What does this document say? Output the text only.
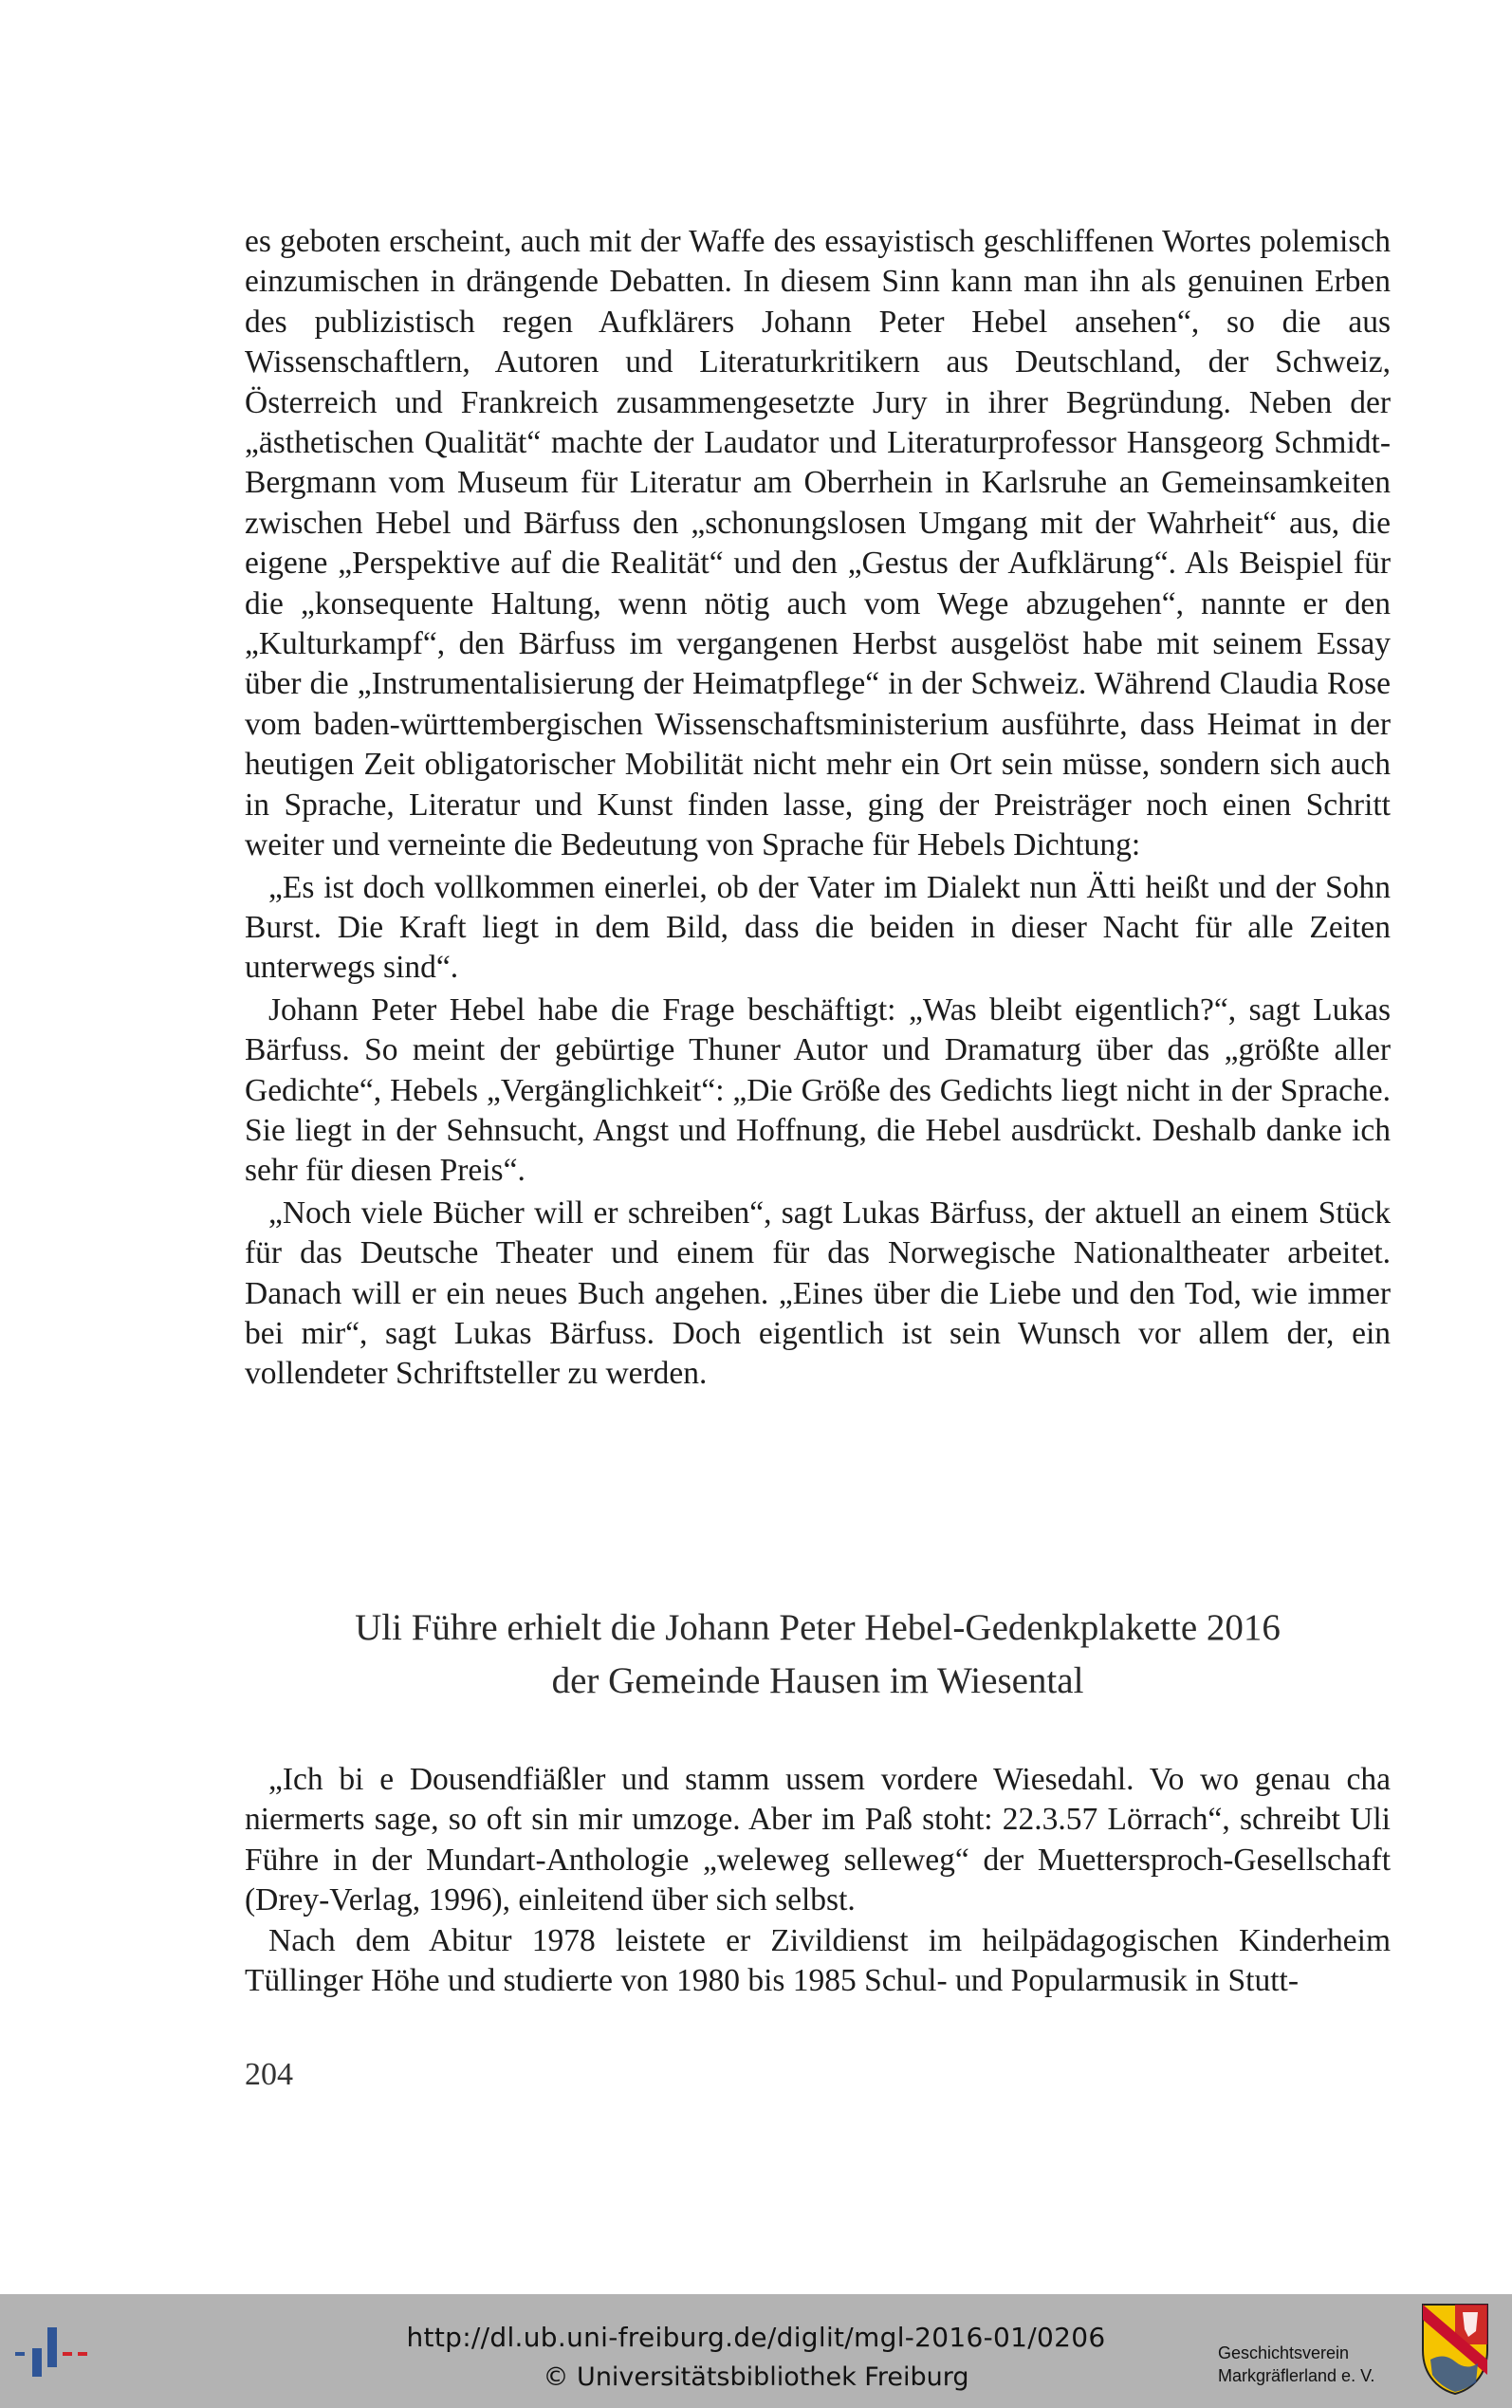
es geboten erscheint, auch mit der Waffe des essayistisch geschliffenen Wortes polemisch einzumischen in drängende Debatten. In diesem Sinn kann man ihn als genuinen Erben des publizistisch regen Aufklärers Johann Peter Hebel ansehen“, so die aus Wissenschaftlern, Autoren und Literaturkritikern aus Deutschland, der Schweiz, Österreich und Frankreich zusammengesetzte Jury in ihrer Begründung. Neben der „ästhetischen Qualität“ machte der Laudator und Literaturprofessor Hansgeorg Schmidt-Bergmann vom Museum für Literatur am Oberrhein in Karlsruhe an Gemeinsamkeiten zwischen Hebel und Bärfuss den „schonungslosen Umgang mit der Wahrheit“ aus, die eigene „Perspektive auf die Realität“ und den „Gestus der Aufklärung“. Als Beispiel für die „konsequente Haltung, wenn nötig auch vom Wege abzugehen“, nannte er den „Kulturkampf“, den Bärfuss im vergangenen Herbst ausgelöst habe mit seinem Essay über die „Instrumentalisierung der Heimatpflege“ in der Schweiz. Während Claudia Rose vom baden-württembergischen Wissenschaftsministerium ausführte, dass Heimat in der heutigen Zeit obligatorischer Mobilität nicht mehr ein Ort sein müsse, sondern sich auch in Sprache, Literatur und Kunst finden lasse, ging der Preisträger noch einen Schritt weiter und verneinte die Bedeutung von Sprache für Hebels Dichtung:

„Es ist doch vollkommen einerlei, ob der Vater im Dialekt nun Ätti heißt und der Sohn Burst. Die Kraft liegt in dem Bild, dass die beiden in dieser Nacht für alle Zeiten unterwegs sind“.

Johann Peter Hebel habe die Frage beschäftigt: „Was bleibt eigentlich?“, sagt Lukas Bärfuss. So meint der gebürtige Thuner Autor und Dramaturg über das „größte aller Gedichte“, Hebels „Vergänglichkeit“: „Die Größe des Gedichts liegt nicht in der Sprache. Sie liegt in der Sehnsucht, Angst und Hoffnung, die Hebel ausdrückt. Deshalb danke ich sehr für diesen Preis“.

„Noch viele Bücher will er schreiben“, sagt Lukas Bärfuss, der aktuell an einem Stück für das Deutsche Theater und einem für das Norwegische Nationaltheater arbeitet. Danach will er ein neues Buch angehen. „Eines über die Liebe und den Tod, wie immer bei mir“, sagt Lukas Bärfuss. Doch eigentlich ist sein Wunsch vor allem der, ein vollendeter Schriftsteller zu werden.

Uli Führe erhielt die Johann Peter Hebel-Gedenkplakette 2016
der Gemeinde Hausen im Wiesental

„Ich bi e Dousendfiäßler und stamm ussem vordere Wiesedahl. Vo wo genau cha niermerts sage, so oft sin mir umzoge. Aber im Paß stoht: 22.3.57 Lörrach“, schreibt Uli Führe in der Mundart-Anthologie „weleweg selleweg“ der Muettersproch-Gesellschaft (Drey-Verlag, 1996), einleitend über sich selbst.

Nach dem Abitur 1978 leistete er Zivildienst im heilpädagogischen Kinderheim Tüllinger Höhe und studierte von 1980 bis 1985 Schul- und Popularmusik in Stutt-

204
http://dl.ub.uni-freiburg.de/diglit/mgl-2016-01/0206
© Universitätsbibliothek Freiburg
Geschichtsverein
Markgräflerland e. V.
